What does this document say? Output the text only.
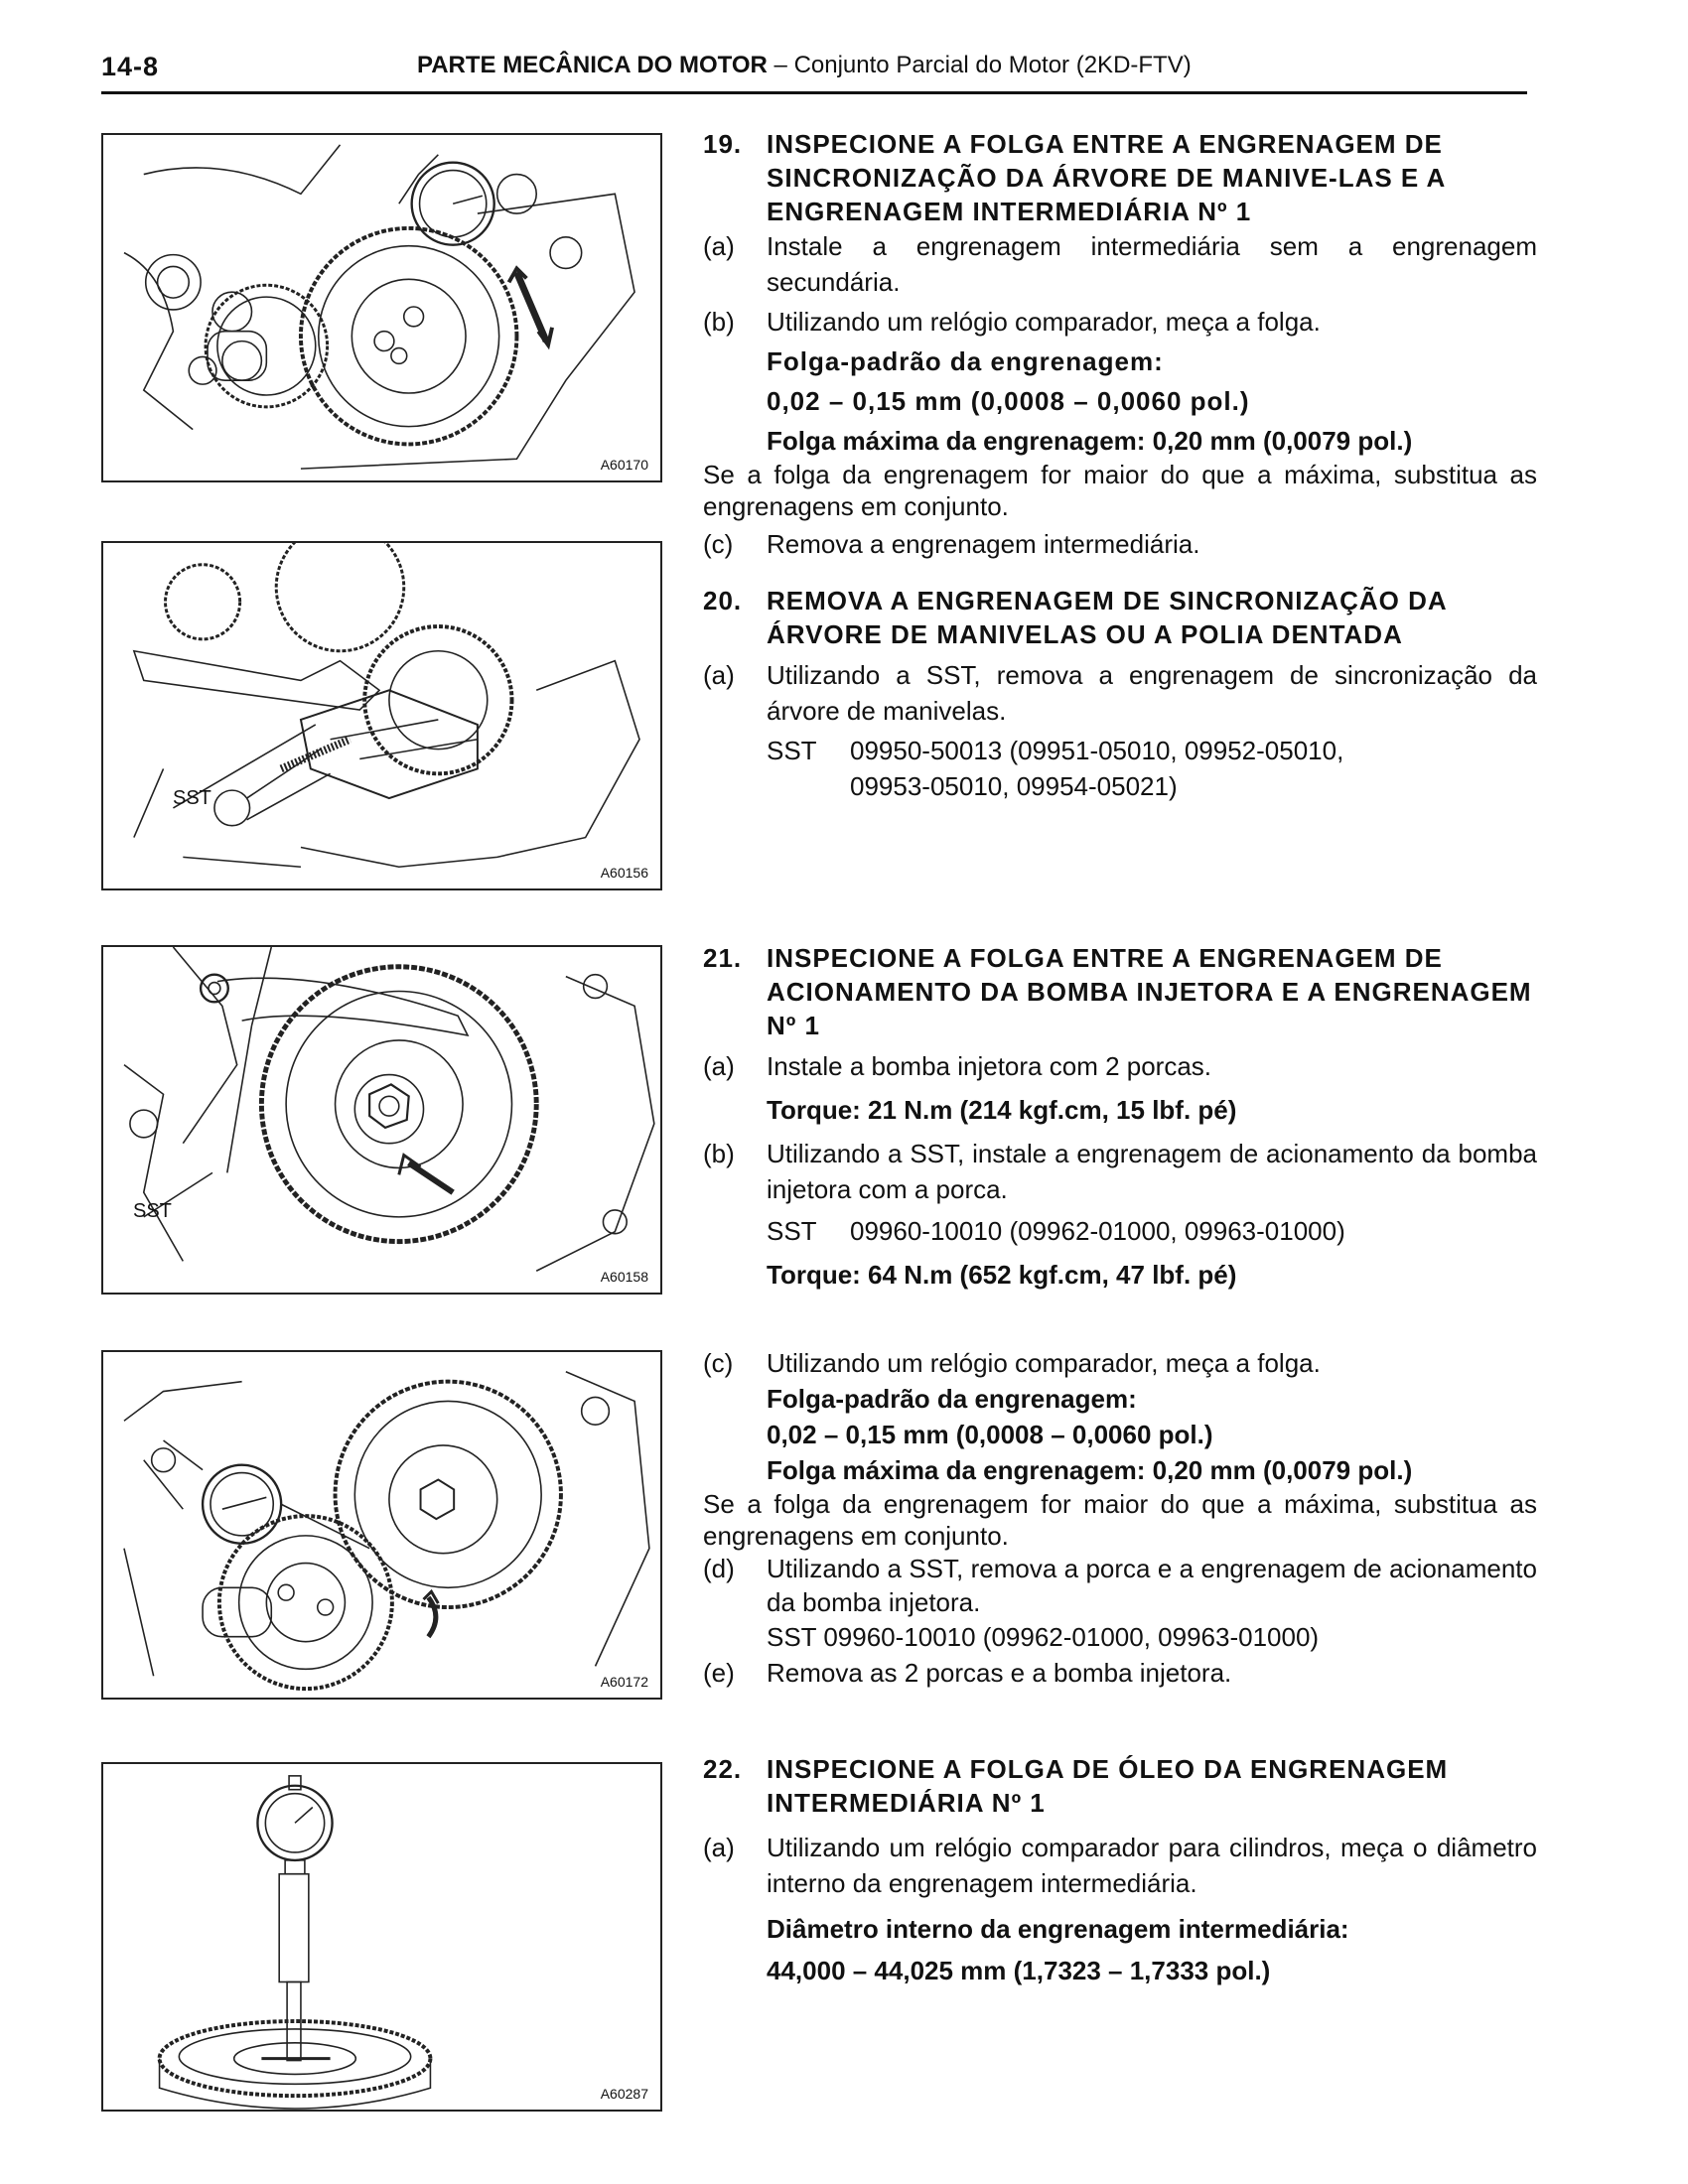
14-8	PARTE MECÂNICA DO MOTOR – Conjunto Parcial do Motor (2KD-FTV)
A60170
SST
A60156
SST
A60158
A60172
A60287
19. INSPECIONE A FOLGA ENTRE A ENGRENAGEM DE SINCRONIZAÇÃO DA ÁRVORE DE MANIVE-LAS E A ENGRENAGEM INTERMEDIÁRIA Nº 1
(a) Instale a engrenagem intermediária sem a engrenagem secundária.
(b) Utilizando um relógio comparador, meça a folga.
Folga-padrão da engrenagem:
0,02 – 0,15 mm (0,0008 – 0,0060 pol.)
Folga máxima da engrenagem: 0,20 mm (0,0079 pol.)
Se a folga da engrenagem for maior do que a máxima, substitua as engrenagens em conjunto.
(c) Remova a engrenagem intermediária.
20. REMOVA A ENGRENAGEM DE SINCRONIZAÇÃO DA ÁRVORE DE MANIVELAS OU A POLIA DENTADA
(a) Utilizando a SST, remova a engrenagem de sincronização da árvore de manivelas.
SST 09950-50013 (09951-05010, 09952-05010,
09953-05010, 09954-05021)
21. INSPECIONE A FOLGA ENTRE A ENGRENAGEM DE ACIONAMENTO DA BOMBA INJETORA E A ENGRENAGEM Nº 1
(a) Instale a bomba injetora com 2 porcas.
Torque: 21 N.m (214 kgf.cm, 15 lbf. pé)
(b) Utilizando a SST, instale a engrenagem de acionamento da bomba injetora com a porca.
SST 09960-10010 (09962-01000, 09963-01000)
Torque: 64 N.m (652 kgf.cm, 47 lbf. pé)
(c) Utilizando um relógio comparador, meça a folga.
Folga-padrão da engrenagem:
0,02 – 0,15 mm (0,0008 – 0,0060 pol.)
Folga máxima da engrenagem: 0,20 mm (0,0079 pol.)
Se a folga da engrenagem for maior do que a máxima, substitua as engrenagens em conjunto.
(d) Utilizando a SST, remova a porca e a engrenagem de acionamento da bomba injetora.
SST 09960-10010 (09962-01000, 09963-01000)
(e) Remova as 2 porcas e a bomba injetora.
22. INSPECIONE A FOLGA DE ÓLEO DA ENGRENAGEM INTERMEDIÁRIA Nº 1
(a) Utilizando um relógio comparador para cilindros, meça o diâmetro interno da engrenagem intermediária.
Diâmetro interno da engrenagem intermediária:
44,000 – 44,025 mm (1,7323 – 1,7333 pol.)
